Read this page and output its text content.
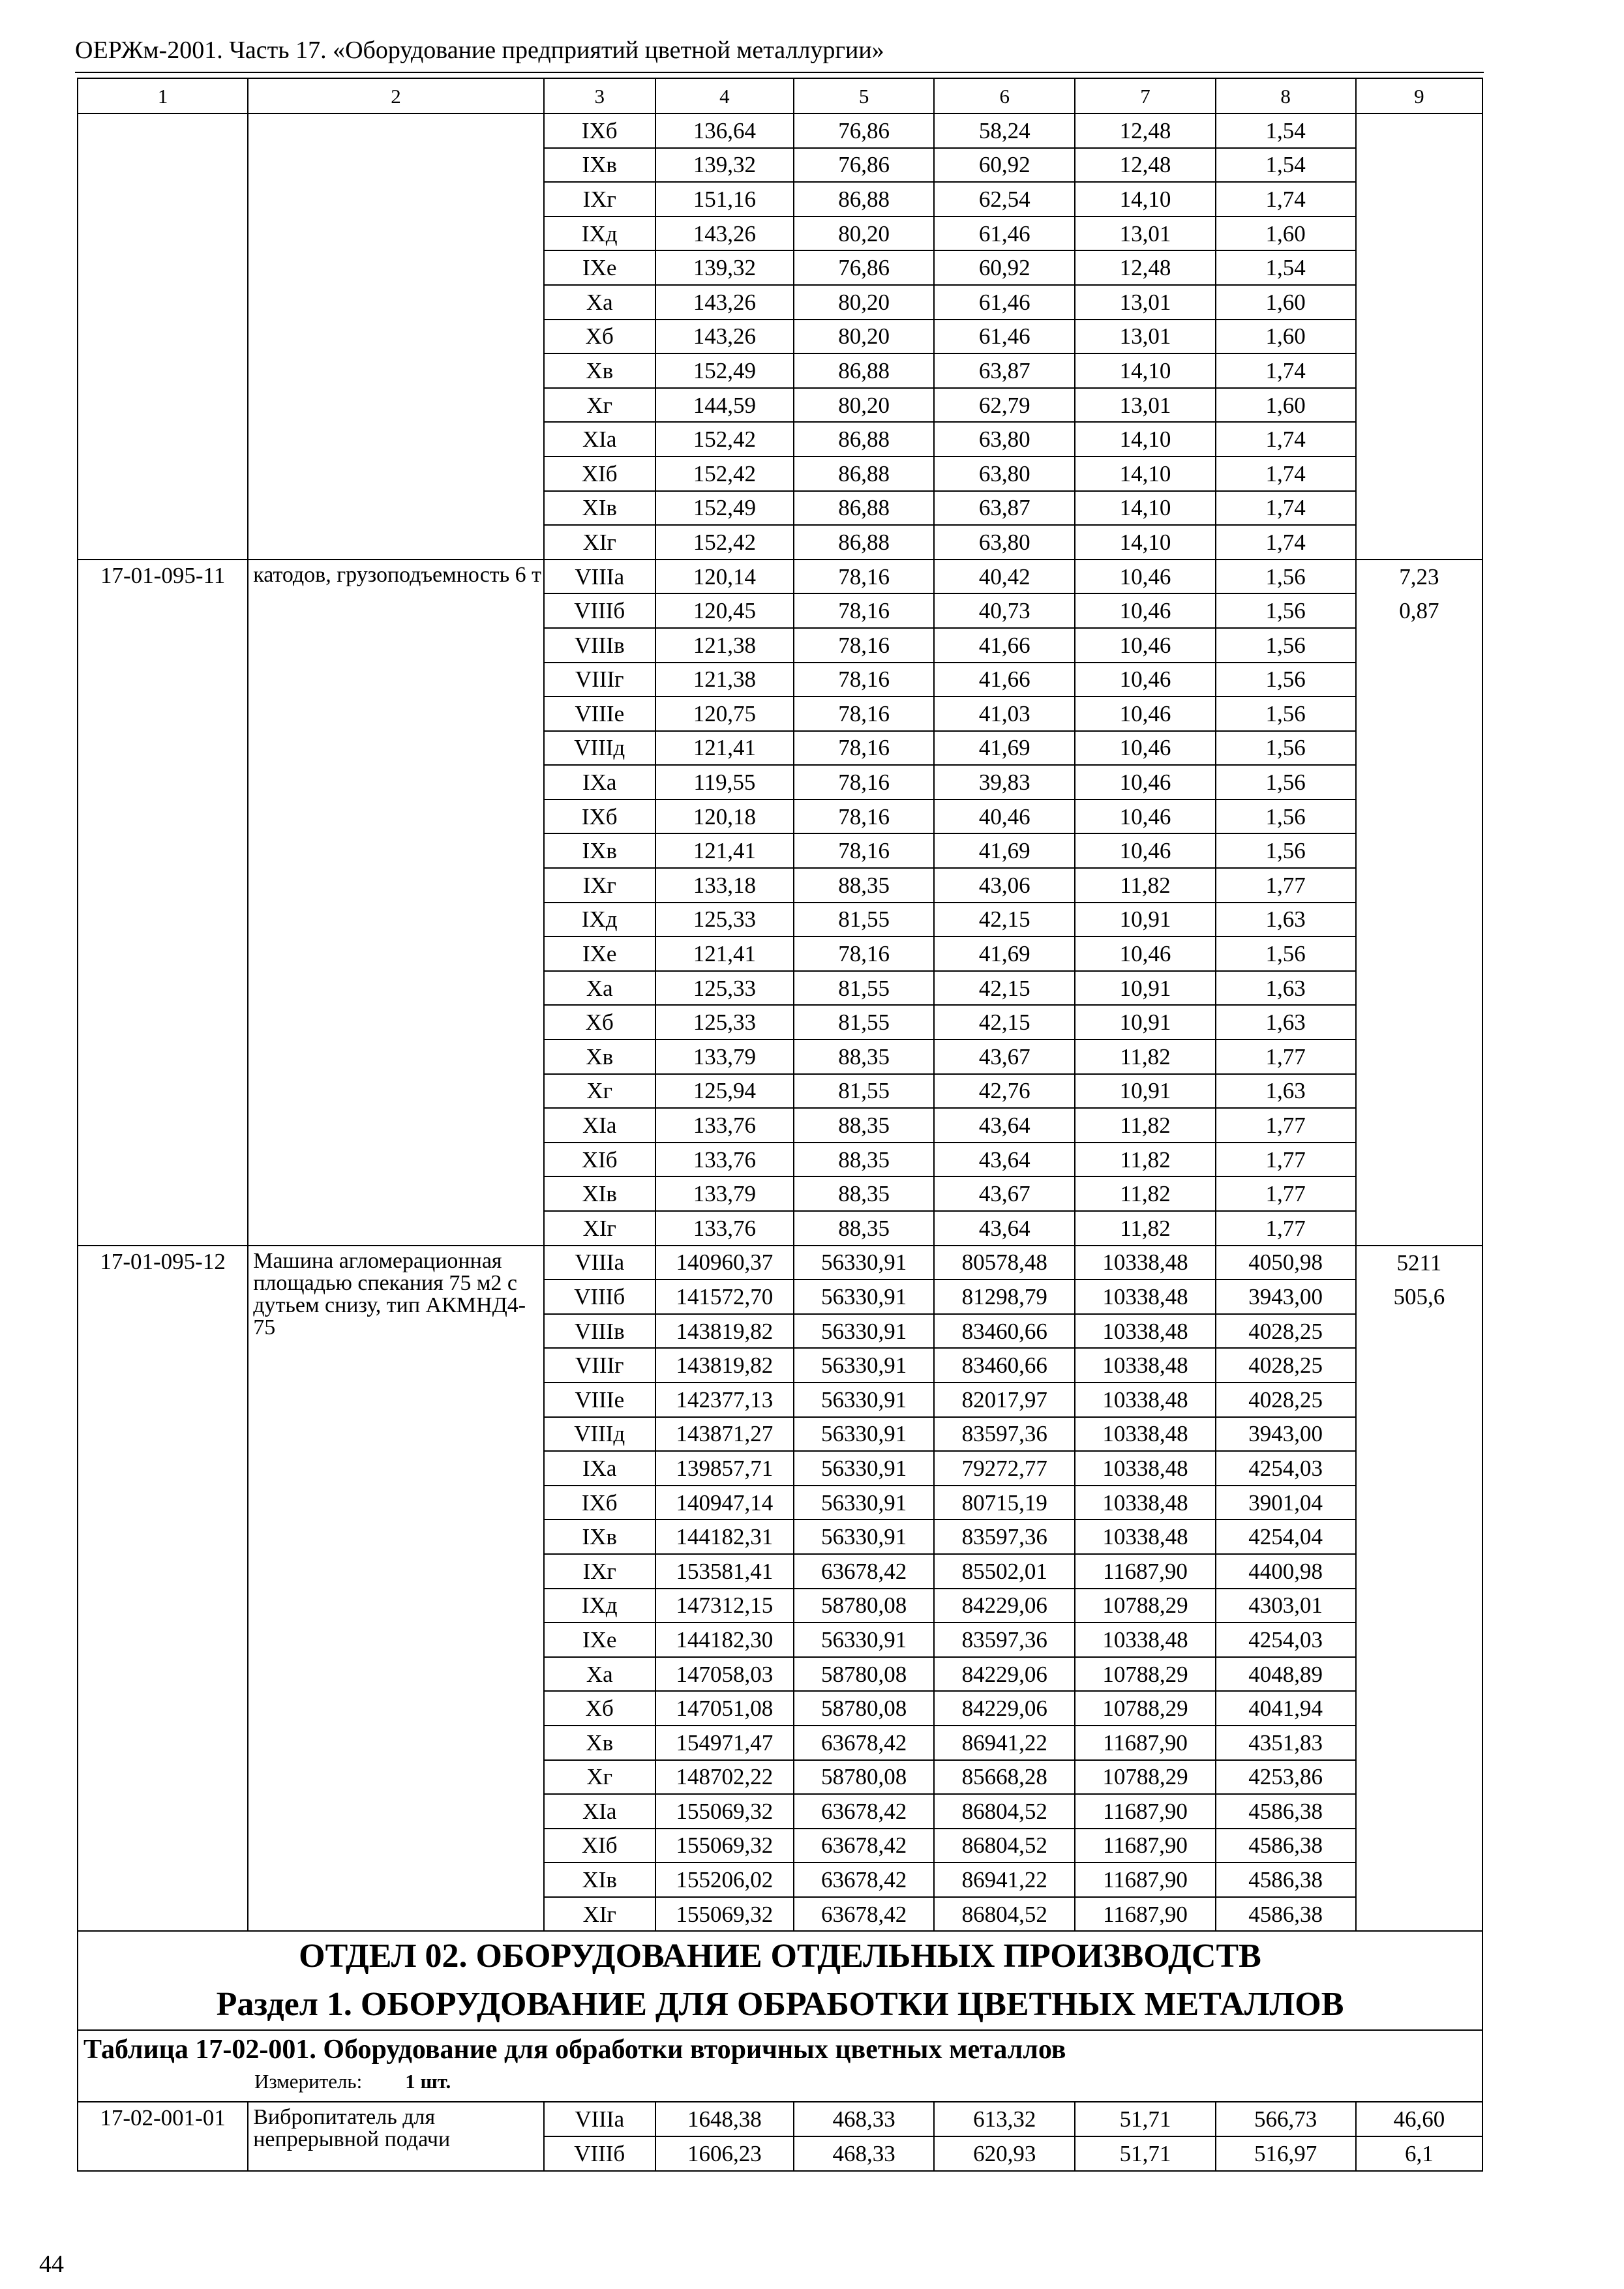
ОЕРЖм-2001. Часть 17. «Оборудование предприятий цветной металлургии»
1	2	3	4	5	6	7	8	9
		IXб	136,64	76,86	58,24	12,48	1,54	
		IXв	139,32	76,86	60,92	12,48	1,54	
		IXг	151,16	86,88	62,54	14,10	1,74	
		IXд	143,26	80,20	61,46	13,01	1,60	
		IXе	139,32	76,86	60,92	12,48	1,54	
		Xа	143,26	80,20	61,46	13,01	1,60	
		Xб	143,26	80,20	61,46	13,01	1,60	
		Xв	152,49	86,88	63,87	14,10	1,74	
		Xг	144,59	80,20	62,79	13,01	1,60	
		XIа	152,42	86,88	63,80	14,10	1,74	
		XIб	152,42	86,88	63,80	14,10	1,74	
		XIв	152,49	86,88	63,87	14,10	1,74	
		XIг	152,42	86,88	63,80	14,10	1,74	
17-01-095-11	катодов, грузоподъемность 6 т	VIIIа	120,14	78,16	40,42	10,46	1,56	7,23
		VIIIб	120,45	78,16	40,73	10,46	1,56	0,87
		VIIIв	121,38	78,16	41,66	10,46	1,56	
		VIIIг	121,38	78,16	41,66	10,46	1,56	
		VIIIе	120,75	78,16	41,03	10,46	1,56	
		VIIIд	121,41	78,16	41,69	10,46	1,56	
		IXа	119,55	78,16	39,83	10,46	1,56	
		IXб	120,18	78,16	40,46	10,46	1,56	
		IXв	121,41	78,16	41,69	10,46	1,56	
		IXг	133,18	88,35	43,06	11,82	1,77	
		IXд	125,33	81,55	42,15	10,91	1,63	
		IXе	121,41	78,16	41,69	10,46	1,56	
		Xа	125,33	81,55	42,15	10,91	1,63	
		Xб	125,33	81,55	42,15	10,91	1,63	
		Xв	133,79	88,35	43,67	11,82	1,77	
		Xг	125,94	81,55	42,76	10,91	1,63	
		XIа	133,76	88,35	43,64	11,82	1,77	
		XIб	133,76	88,35	43,64	11,82	1,77	
		XIв	133,79	88,35	43,67	11,82	1,77	
		XIг	133,76	88,35	43,64	11,82	1,77	
17-01-095-12	Машина агломерационная площадью спекания 75 м2 с дутьем снизу, тип АКМНД4-75	VIIIа	140960,37	56330,91	80578,48	10338,48	4050,98	5211
		VIIIб	141572,70	56330,91	81298,79	10338,48	3943,00	505,6
		VIIIв	143819,82	56330,91	83460,66	10338,48	4028,25	
		VIIIг	143819,82	56330,91	83460,66	10338,48	4028,25	
		VIIIе	142377,13	56330,91	82017,97	10338,48	4028,25	
		VIIIд	143871,27	56330,91	83597,36	10338,48	3943,00	
		IXа	139857,71	56330,91	79272,77	10338,48	4254,03	
		IXб	140947,14	56330,91	80715,19	10338,48	3901,04	
		IXв	144182,31	56330,91	83597,36	10338,48	4254,04	
		IXг	153581,41	63678,42	85502,01	11687,90	4400,98	
		IXд	147312,15	58780,08	84229,06	10788,29	4303,01	
		IXе	144182,30	56330,91	83597,36	10338,48	4254,03	
		Xа	147058,03	58780,08	84229,06	10788,29	4048,89	
		Xб	147051,08	58780,08	84229,06	10788,29	4041,94	
		Xв	154971,47	63678,42	86941,22	11687,90	4351,83	
		Xг	148702,22	58780,08	85668,28	10788,29	4253,86	
		XIа	155069,32	63678,42	86804,52	11687,90	4586,38	
		XIб	155069,32	63678,42	86804,52	11687,90	4586,38	
		XIв	155206,02	63678,42	86941,22	11687,90	4586,38	
		XIг	155069,32	63678,42	86804,52	11687,90	4586,38	

ОТДЕЛ 02. ОБОРУДОВАНИЕ ОТДЕЛЬНЫХ ПРОИЗВОДСТВ
Раздел 1. ОБОРУДОВАНИЕ ДЛЯ ОБРАБОТКИ ЦВЕТНЫХ МЕТАЛЛОВ								

Таблица 17-02-001. Оборудование для обработки вторичных цветных металлов
Измеритель: 1 шт.								

17-02-001-01	Вибропитатель для непрерывной подачи	VIIIа	1648,38	468,33	613,32	51,71	566,73	46,60
		VIIIб	1606,23	468,33	620,93	51,71	516,97	6,1
44
